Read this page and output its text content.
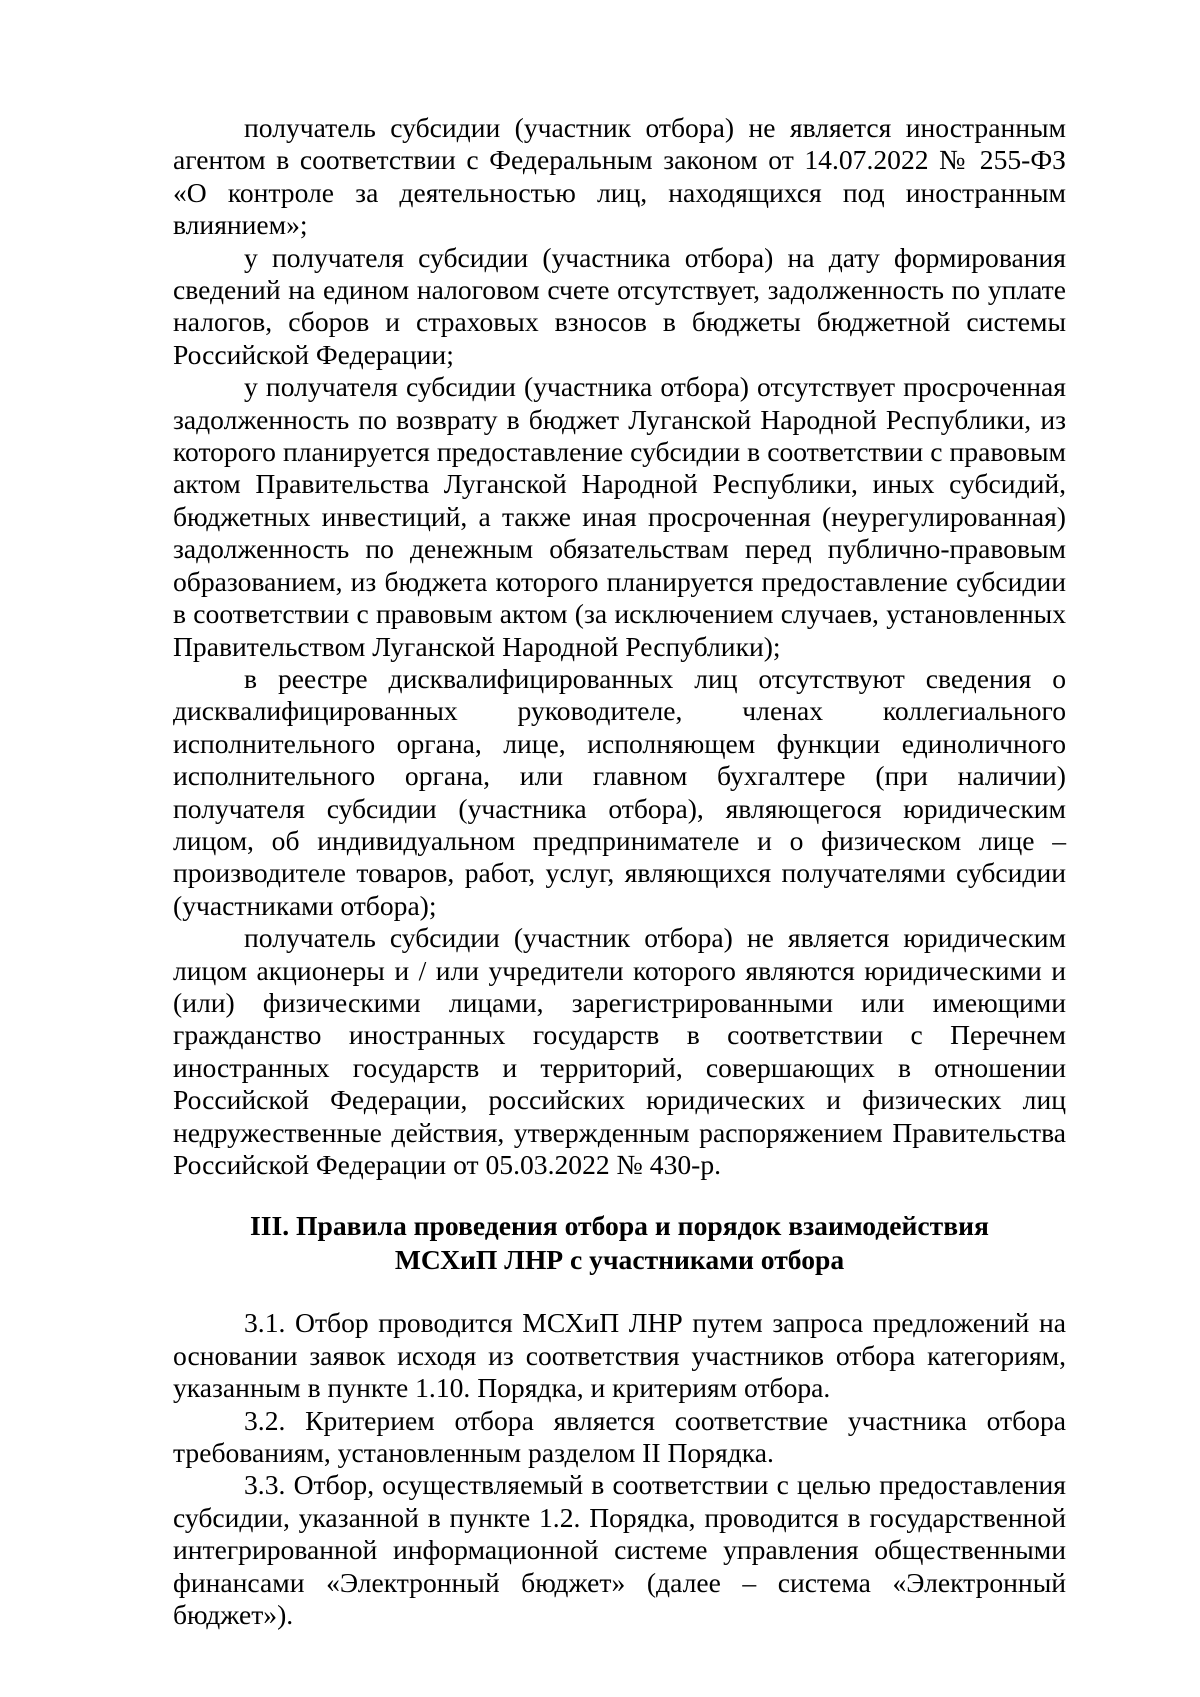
получатель субсидии (участник отбора) не является иностранным агентом в соответствии с Федеральным законом от 14.07.2022 № 255-ФЗ «О контроле за деятельностью лиц, находящихся под иностранным влиянием»;

у получателя субсидии (участника отбора) на дату формирования сведений на едином налоговом счете отсутствует, задолженность по уплате налогов, сборов и страховых взносов в бюджеты бюджетной системы Российской Федерации;

у получателя субсидии (участника отбора) отсутствует просроченная задолженность по возврату в бюджет Луганской Народной Республики, из которого планируется предоставление субсидии в соответствии с правовым актом Правительства Луганской Народной Республики, иных субсидий, бюджетных инвестиций, а также иная просроченная (неурегулированная) задолженность по денежным обязательствам перед публично-правовым образованием, из бюджета которого планируется предоставление субсидии в соответствии с правовым актом (за исключением случаев, установленных Правительством Луганской Народной Республики);

в реестре дисквалифицированных лиц отсутствуют сведения о дисквалифицированных руководителе, членах коллегиального исполнительного органа, лице, исполняющем функции единоличного исполнительного органа, или главном бухгалтере (при наличии) получателя субсидии (участника отбора), являющегося юридическим лицом, об индивидуальном предпринимателе и о физическом лице – производителе товаров, работ, услуг, являющихся получателями субсидии (участниками отбора);

получатель субсидии (участник отбора) не является юридическим лицом акционеры и / или учредители которого являются юридическими и (или) физическими лицами, зарегистрированными или имеющими гражданство иностранных государств в соответствии с Перечнем иностранных государств и территорий, совершающих в отношении Российской Федерации, российских юридических и физических лиц недружественные действия, утвержденным распоряжением Правительства Российской Федерации от 05.03.2022 № 430-р.

III. Правила проведения отбора и порядок взаимодействия
МСХиП ЛНР с участниками отбора

3.1. Отбор проводится МСХиП ЛНР путем запроса предложений на основании заявок исходя из соответствия участников отбора категориям, указанным в пункте 1.10. Порядка, и критериям отбора.

3.2. Критерием отбора является соответствие участника отбора требованиям, установленным разделом II Порядка.

3.3. Отбор, осуществляемый в соответствии с целью предоставления субсидии, указанной в пункте 1.2. Порядка, проводится в государственной интегрированной информационной системе управления общественными финансами «Электронный бюджет» (далее – система «Электронный бюджет»).
